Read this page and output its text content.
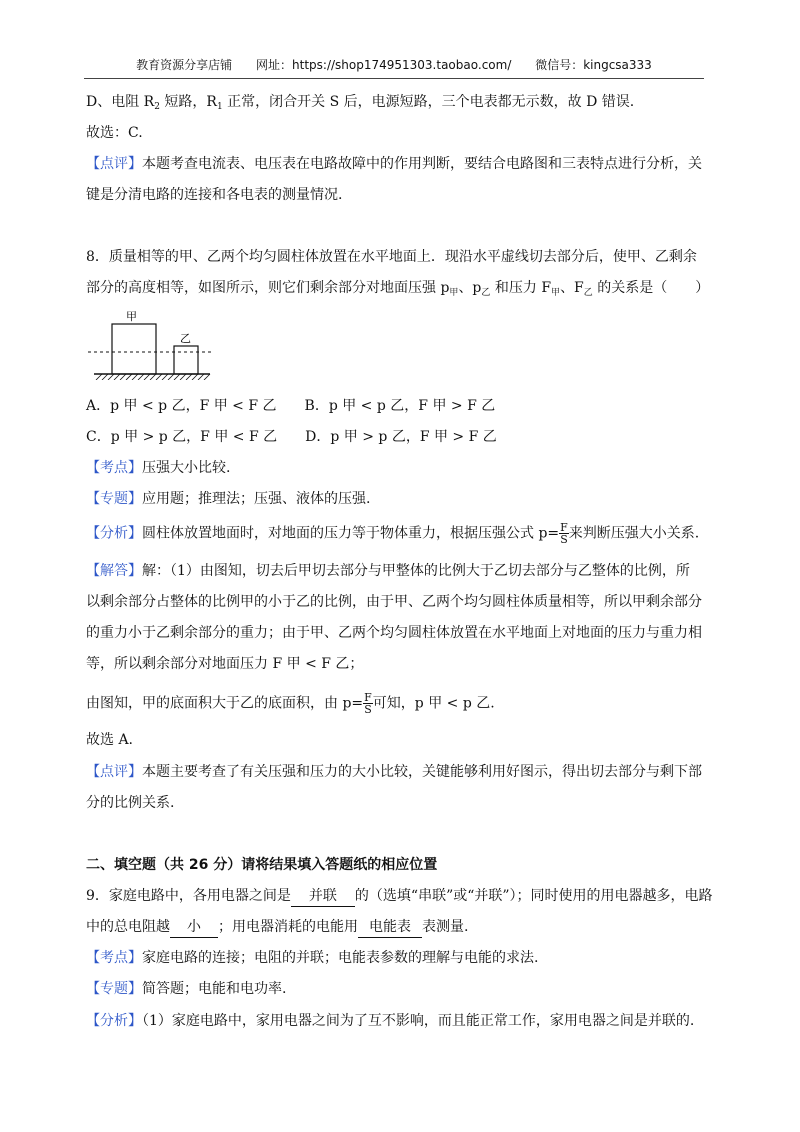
教育资源分享店铺 网址：https://shop174951303.taobao.com/ 微信号：kingcsa333
D、电阻 $R_2$ 短路，$R_1$ 正常，闭合开关 S 后，电源短路，三个电表都无示数，故 D 错误.
故选：C.
【点评】本题考查电流表、电压表在电路故障中的作用判断，要结合电路图和三表特点进行分析，关
键是分清电路的连接和各电表的测量情况.
8．质量相等的甲、乙两个均匀圆柱体放置在水平地面上．现沿水平虚线切去部分后，使甲、乙剩余
部分的高度相等，如图所示，则它们剩余部分对地面压强 $p_甲$、$p_乙$ 和压力 $F_甲$、$F_乙$ 的关系是（　　）
甲
乙
A．p 甲 < p 乙，F 甲 < F 乙 B．p 甲 < p 乙，F 甲 > F 乙
C．p 甲 > p 乙，F 甲 < F 乙 D．p 甲 > p 乙，F 甲 > F 乙
【考点】压强大小比较.
【专题】应用题；推理法；压强、液体的压强.
【分析】圆柱体放置地面时，对地面的压力等于物体重力，根据压强公式 $p= \frac{F}{S}$ 来判断压强大小关系.
【解答】解：（1）由图知，切去后甲切去部分与甲整体的比例大于乙切去部分与乙整体的比例，所
以剩余部分占整体的比例甲的小于乙的比例，由于甲、乙两个均匀圆柱体质量相等，所以甲剩余部分
的重力小于乙剩余部分的重力；由于甲、乙两个均匀圆柱体放置在水平地面上对地面的压力与重力相
等，所以剩余部分对地面压力 F 甲 < F 乙；
由图知，甲的底面积大于乙的底面积，由 $p= \frac{F}{S}$ 可知，p 甲 < p 乙.
故选 A.
【点评】本题主要考查了有关压强和压力的大小比较，关键能够利用好图示，得出切去部分与剩下部
分的比例关系.
二、填空题（共 26 分）请将结果填入答题纸的相应位置
9．家庭电路中，各用电器之间是 并联 的（选填“串联”或“并联”）；同时使用的用电器越多，电路
中的总电阻越 小 ；用电器消耗的电能用 电能表 表测量.
【考点】家庭电路的连接；电阻的并联；电能表参数的理解与电能的求法.
【专题】简答题；电能和电功率.
【分析】（1）家庭电路中，家用电器之间为了互不影响，而且能正常工作，家用电器之间是并联的.
